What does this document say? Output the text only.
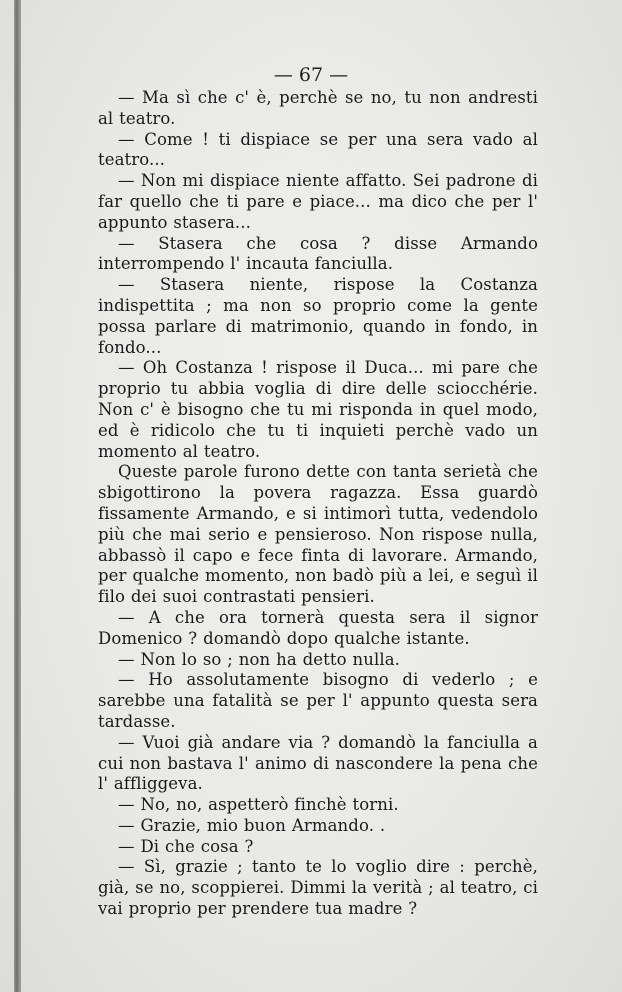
— 67 —

— Ma sì che c' è, perchè se no, tu non andresti al teatro.

— Come ! ti dispiace se per una sera vado al teatro...

— Non mi dispiace niente affatto. Sei padrone di far quello che ti pare e piace... ma dico che per l' appunto stasera...

— Stasera che cosa ? disse Armando interrompendo l' incauta fanciulla.

— Stasera niente, rispose la Costanza indispettita ; ma non so proprio come la gente possa parlare di matrimonio, quando in fondo, in fondo...

— Oh Costanza ! rispose il Duca... mi pare che proprio tu abbia voglia di dire delle sciocchérie. Non c' è bisogno che tu mi risponda in quel modo, ed è ridicolo che tu ti inquieti perchè vado un momento al teatro.

Queste parole furono dette con tanta serietà che sbigottirono la povera ragazza. Essa guardò fissamente Armando, e si intimorì tutta, vedendolo più che mai serio e pensieroso. Non rispose nulla, abbassò il capo e fece finta di lavorare. Armando, per qualche momento, non badò più a lei, e seguì il filo dei suoi contrastati pensieri.

— A che ora tornerà questa sera il signor Domenico ? domandò dopo qualche istante.

— Non lo so ; non ha detto nulla.

— Ho assolutamente bisogno di vederlo ; e sarebbe una fatalità se per l' appunto questa sera tardasse.

— Vuoi già andare via ? domandò la fanciulla a cui non bastava l' animo di nascondere la pena che l' affliggeva.

— No, no, aspetterò finchè torni.

— Grazie, mio buon Armando. .

— Di che cosa ?

— Sì, grazie ; tanto te lo voglio dire : perchè, già, se no, scoppierei. Dimmi la verità ; al teatro, ci vai proprio per prendere tua madre ?
